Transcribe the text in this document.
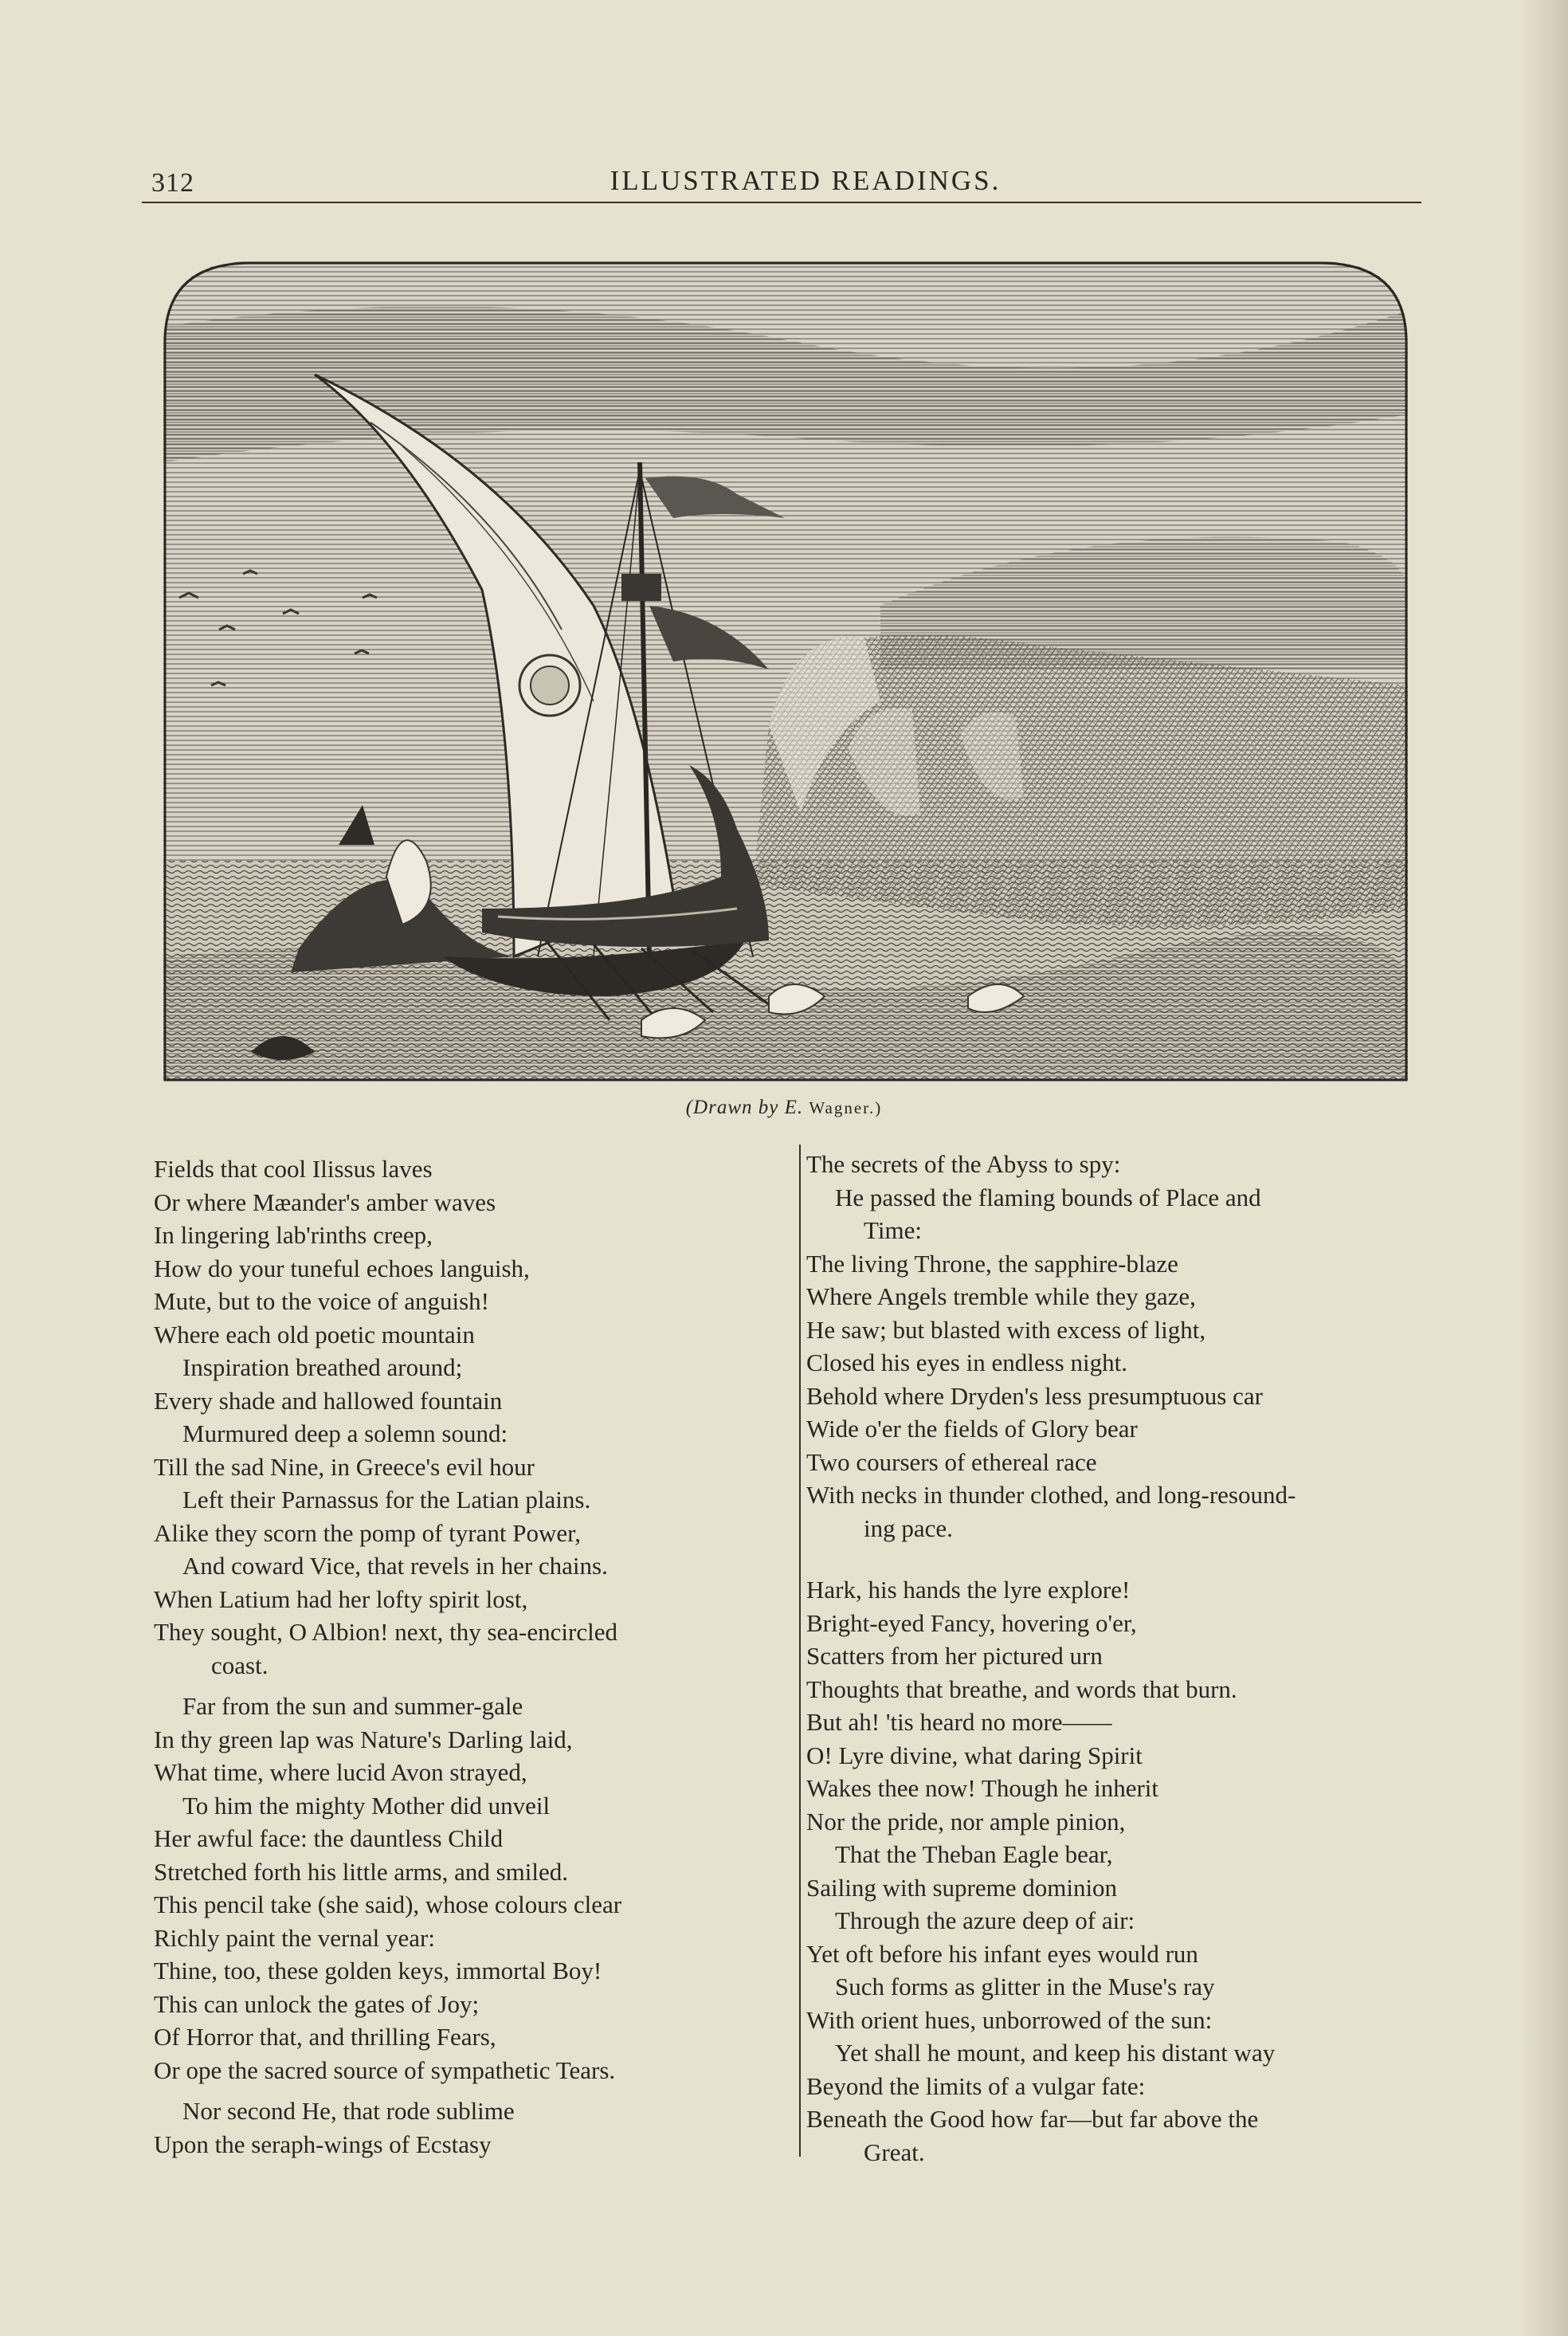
312	ILLUSTRATED READINGS.
(Drawn by E. Wagner.)
Fields that cool Ilissus laves
Or where Mæander's amber waves
In lingering lab'rinths creep,
How do your tuneful echoes languish,
Mute, but to the voice of anguish!
Where each old poetic mountain
Inspiration breathed around;
Every shade and hallowed fountain
Murmured deep a solemn sound:
Till the sad Nine, in Greece's evil hour
Left their Parnassus for the Latian plains.
Alike they scorn the pomp of tyrant Power,
And coward Vice, that revels in her chains.
When Latium had her lofty spirit lost,
They sought, O Albion! next, thy sea-encircled
coast.
Far from the sun and summer-gale
In thy green lap was Nature's Darling laid,
What time, where lucid Avon strayed,
To him the mighty Mother did unveil
Her awful face: the dauntless Child
Stretched forth his little arms, and smiled.
This pencil take (she said), whose colours clear
Richly paint the vernal year:
Thine, too, these golden keys, immortal Boy!
This can unlock the gates of Joy;
Of Horror that, and thrilling Fears,
Or ope the sacred source of sympathetic Tears.
Nor second He, that rode sublime
Upon the seraph-wings of Ecstasy
The secrets of the Abyss to spy:
He passed the flaming bounds of Place and
Time:
The living Throne, the sapphire-blaze
Where Angels tremble while they gaze,
He saw; but blasted with excess of light,
Closed his eyes in endless night.
Behold where Dryden's less presumptuous car
Wide o'er the fields of Glory bear
Two coursers of ethereal race
With necks in thunder clothed, and long-resound-
ing pace.
Hark, his hands the lyre explore!
Bright-eyed Fancy, hovering o'er,
Scatters from her pictured urn
Thoughts that breathe, and words that burn.
But ah! 'tis heard no more——
O! Lyre divine, what daring Spirit
Wakes thee now! Though he inherit
Nor the pride, nor ample pinion,
That the Theban Eagle bear,
Sailing with supreme dominion
Through the azure deep of air:
Yet oft before his infant eyes would run
Such forms as glitter in the Muse's ray
With orient hues, unborrowed of the sun:
Yet shall he mount, and keep his distant way
Beyond the limits of a vulgar fate:
Beneath the Good how far—but far above the
Great.
